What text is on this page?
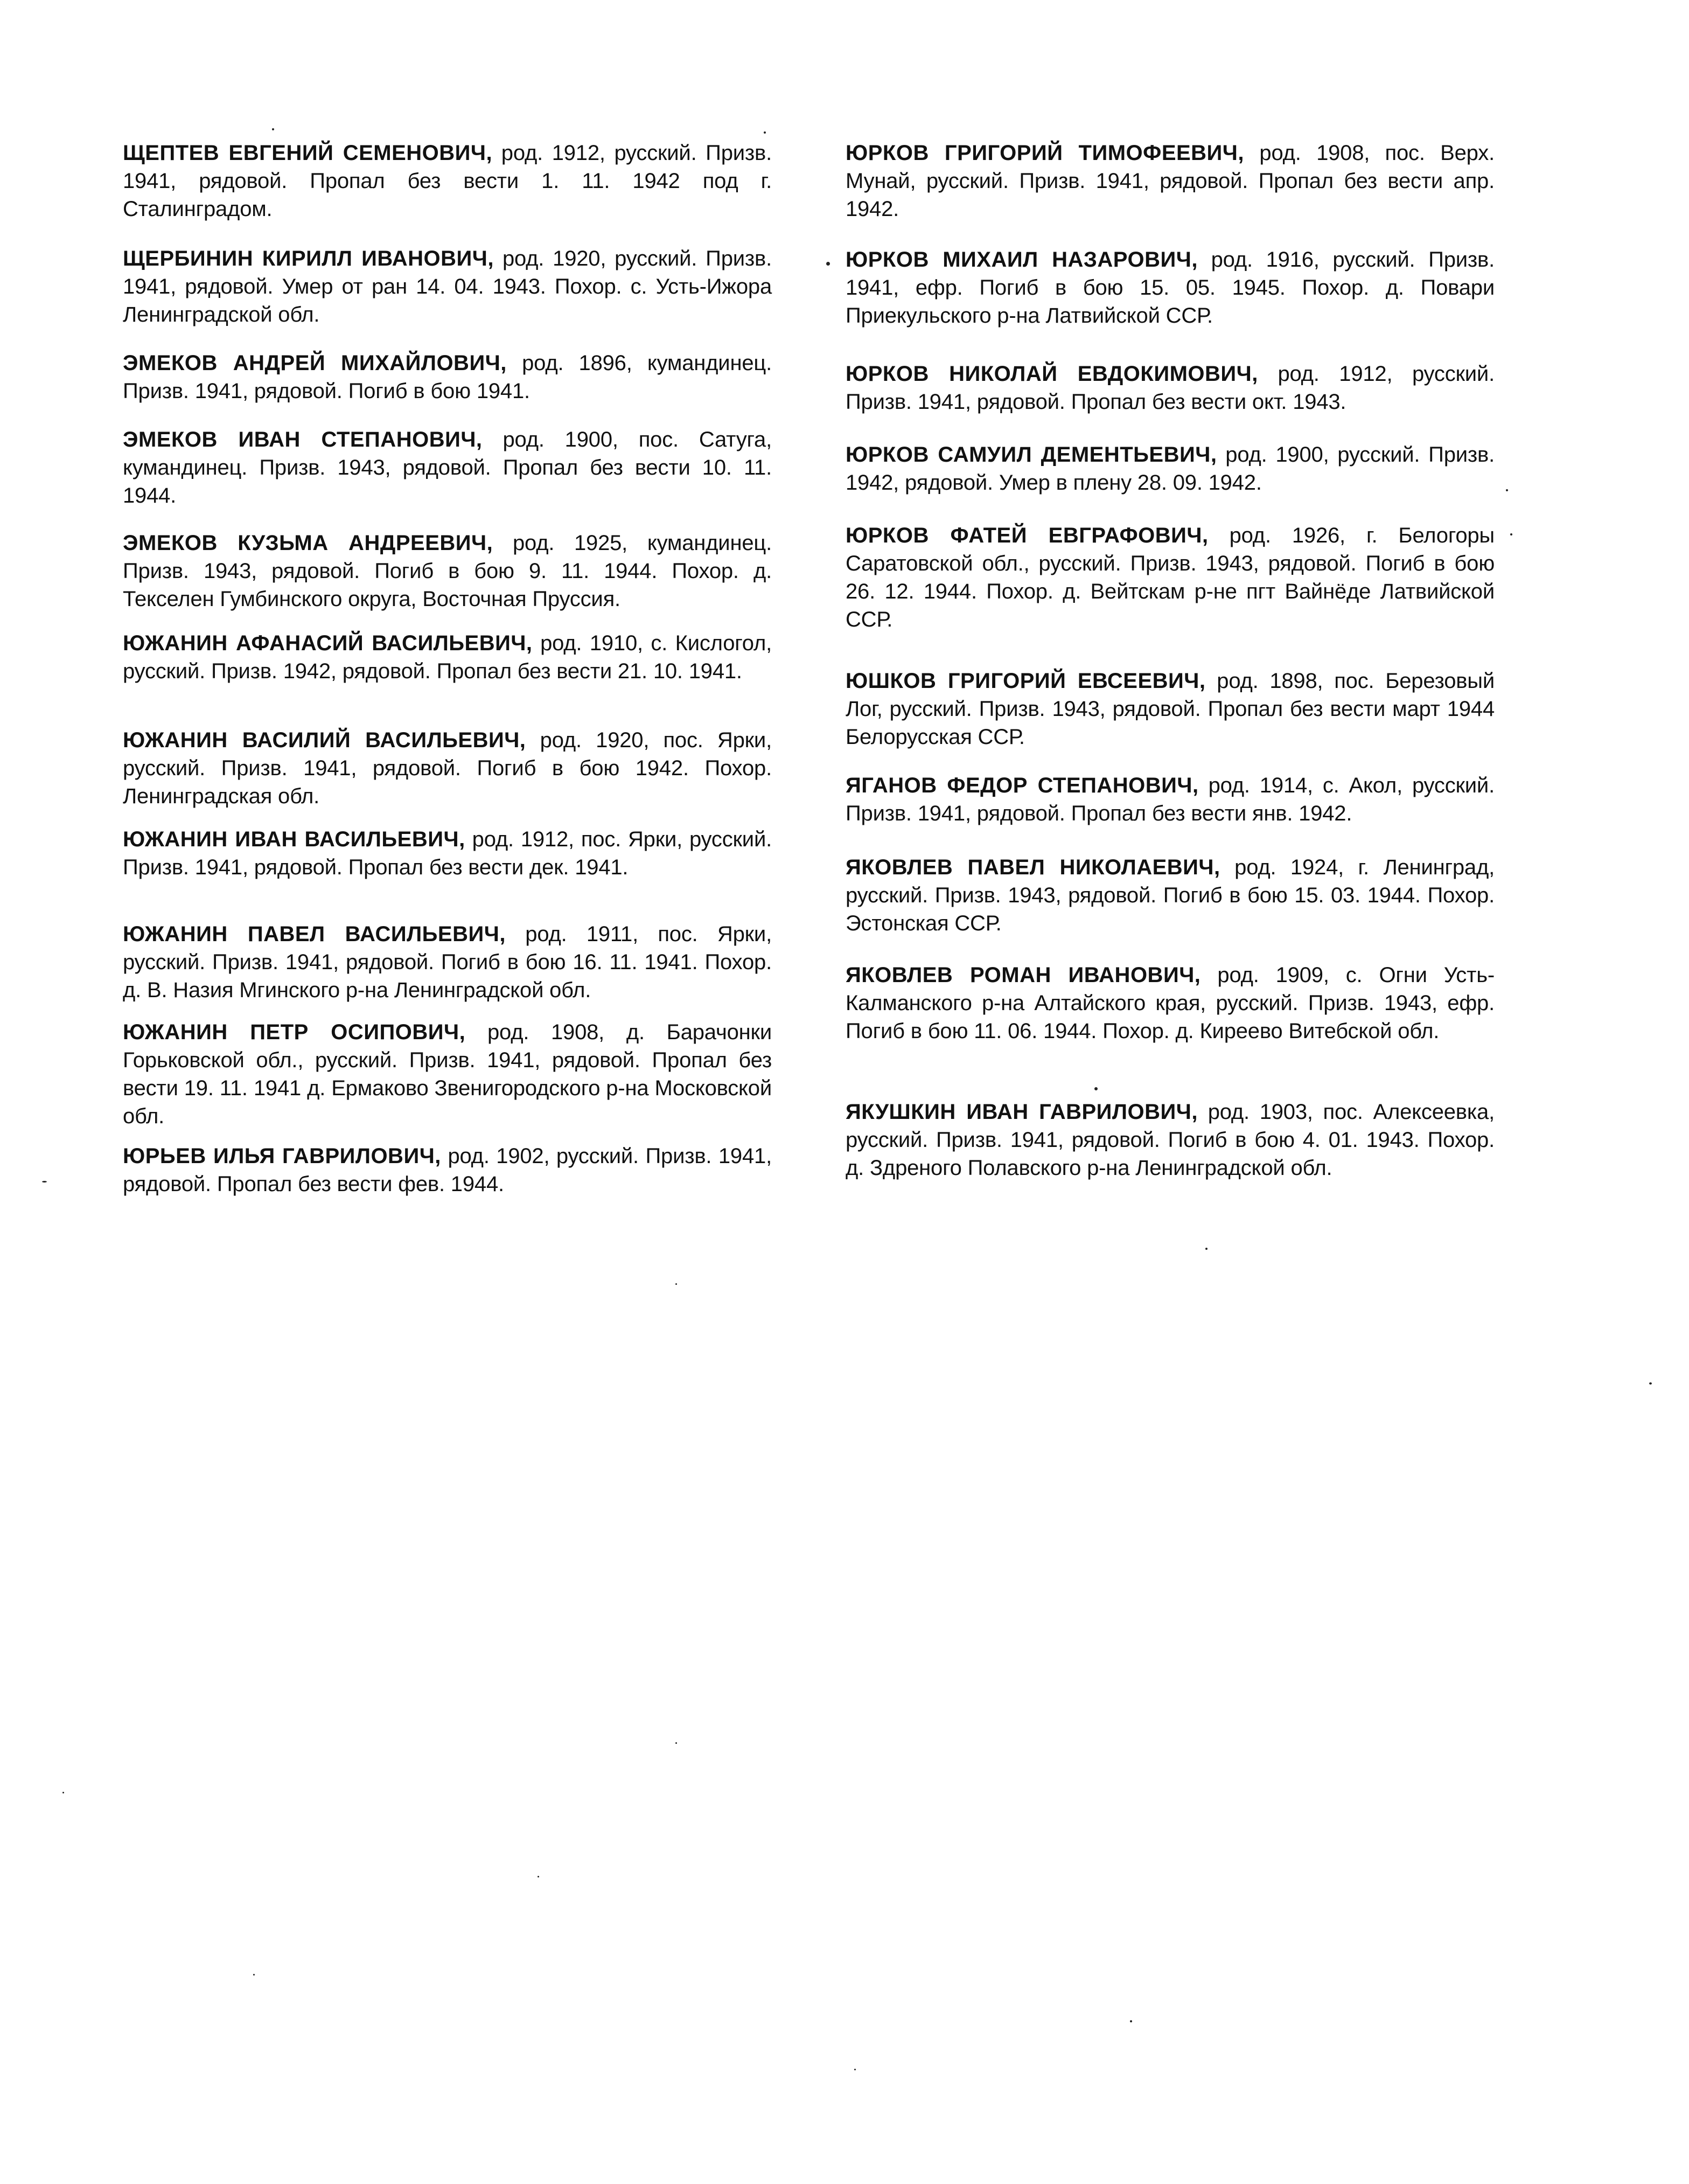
ЩЕПТЕВ ЕВГЕНИЙ СЕМЕНОВИЧ, род. 1912, русский. Призв. 1941, рядовой. Пропал без вести 1. 11. 1942 под г. Сталинградом.

ЩЕРБИНИН КИРИЛЛ ИВАНОВИЧ, род. 1920, русский. Призв. 1941, рядовой. Умер от ран 14. 04. 1943. Похор. с. Усть-Ижора Ленинградской обл.

ЭМЕКОВ АНДРЕЙ МИХАЙЛОВИЧ, род. 1896, кумандинец. Призв. 1941, рядовой. Погиб в бою 1941.

ЭМЕКОВ ИВАН СТЕПАНОВИЧ, род. 1900, пос. Сатуга, кумандинец. Призв. 1943, рядовой. Пропал без вести 10. 11. 1944.

ЭМЕКОВ КУЗЬМА АНДРЕЕВИЧ, род. 1925, кумандинец. Призв. 1943, рядовой. Погиб в бою 9. 11. 1944. Похор. д. Текселен Гумбинского округа, Восточная Пруссия.

ЮЖАНИН АФАНАСИЙ ВАСИЛЬЕВИЧ, род. 1910, с. Кислогол, русский. Призв. 1942, рядовой. Пропал без вести 21. 10. 1941.

ЮЖАНИН ВАСИЛИЙ ВАСИЛЬЕВИЧ, род. 1920, пос. Ярки, русский. Призв. 1941, рядовой. Погиб в бою 1942. Похор. Ленинградская обл.

ЮЖАНИН ИВАН ВАСИЛЬЕВИЧ, род. 1912, пос. Ярки, русский. Призв. 1941, рядовой. Пропал без вести дек. 1941.

ЮЖАНИН ПАВЕЛ ВАСИЛЬЕВИЧ, род. 1911, пос. Ярки, русский. Призв. 1941, рядовой. Погиб в бою 16. 11. 1941. Похор. д. В. Назия Мгинского р-на Ленинградской обл.

ЮЖАНИН ПЕТР ОСИПОВИЧ, род. 1908, д. Барачонки Горьковской обл., русский. Призв. 1941, рядовой. Пропал без вести 19. 11. 1941 д. Ермаково Звенигородского р-на Московской обл.

ЮРЬЕВ ИЛЬЯ ГАВРИЛОВИЧ, род. 1902, русский. Призв. 1941, рядовой. Пропал без вести фев. 1944.

ЮРКОВ ГРИГОРИЙ ТИМОФЕЕВИЧ, род. 1908, пос. Верх. Мунай, русский. Призв. 1941, рядовой. Пропал без вести апр. 1942.

ЮРКОВ МИХАИЛ НАЗАРОВИЧ, род. 1916, русский. Призв. 1941, ефр. Погиб в бою 15. 05. 1945. Похор. д. Повари Приекульского р-на Латвийской ССР.

ЮРКОВ НИКОЛАЙ ЕВДОКИМОВИЧ, род. 1912, русский. Призв. 1941, рядовой. Пропал без вести окт. 1943.

ЮРКОВ САМУИЛ ДЕМЕНТЬЕВИЧ, род. 1900, русский. Призв. 1942, рядовой. Умер в плену 28. 09. 1942.

ЮРКОВ ФАТЕЙ ЕВГРАФОВИЧ, род. 1926, г. Белогоры Саратовской обл., русский. Призв. 1943, рядовой. Погиб в бою 26. 12. 1944. Похор. д. Вейтскам р-не пгт Вайнёде Латвийской ССР.

ЮШКОВ ГРИГОРИЙ ЕВСЕЕВИЧ, род. 1898, пос. Березовый Лог, русский. Призв. 1943, рядовой. Пропал без вести март 1944 Белорусская ССР.

ЯГАНОВ ФЕДОР СТЕПАНОВИЧ, род. 1914, с. Акол, русский. Призв. 1941, рядовой. Пропал без вести янв. 1942.

ЯКОВЛЕВ ПАВЕЛ НИКОЛАЕВИЧ, род. 1924, г. Ленинград, русский. Призв. 1943, рядовой. Погиб в бою 15. 03. 1944. Похор. Эстонская ССР.

ЯКОВЛЕВ РОМАН ИВАНОВИЧ, род. 1909, с. Огни Усть-Калманского р-на Алтайского края, русский. Призв. 1943, ефр. Погиб в бою 11. 06. 1944. Похор. д. Киреево Витебской обл.

ЯКУШКИН ИВАН ГАВРИЛОВИЧ, род. 1903, пос. Алексеевка, русский. Призв. 1941, рядовой. Погиб в бою 4. 01. 1943. Похор. д. Здреного Полавского р-на Ленинградской обл.
